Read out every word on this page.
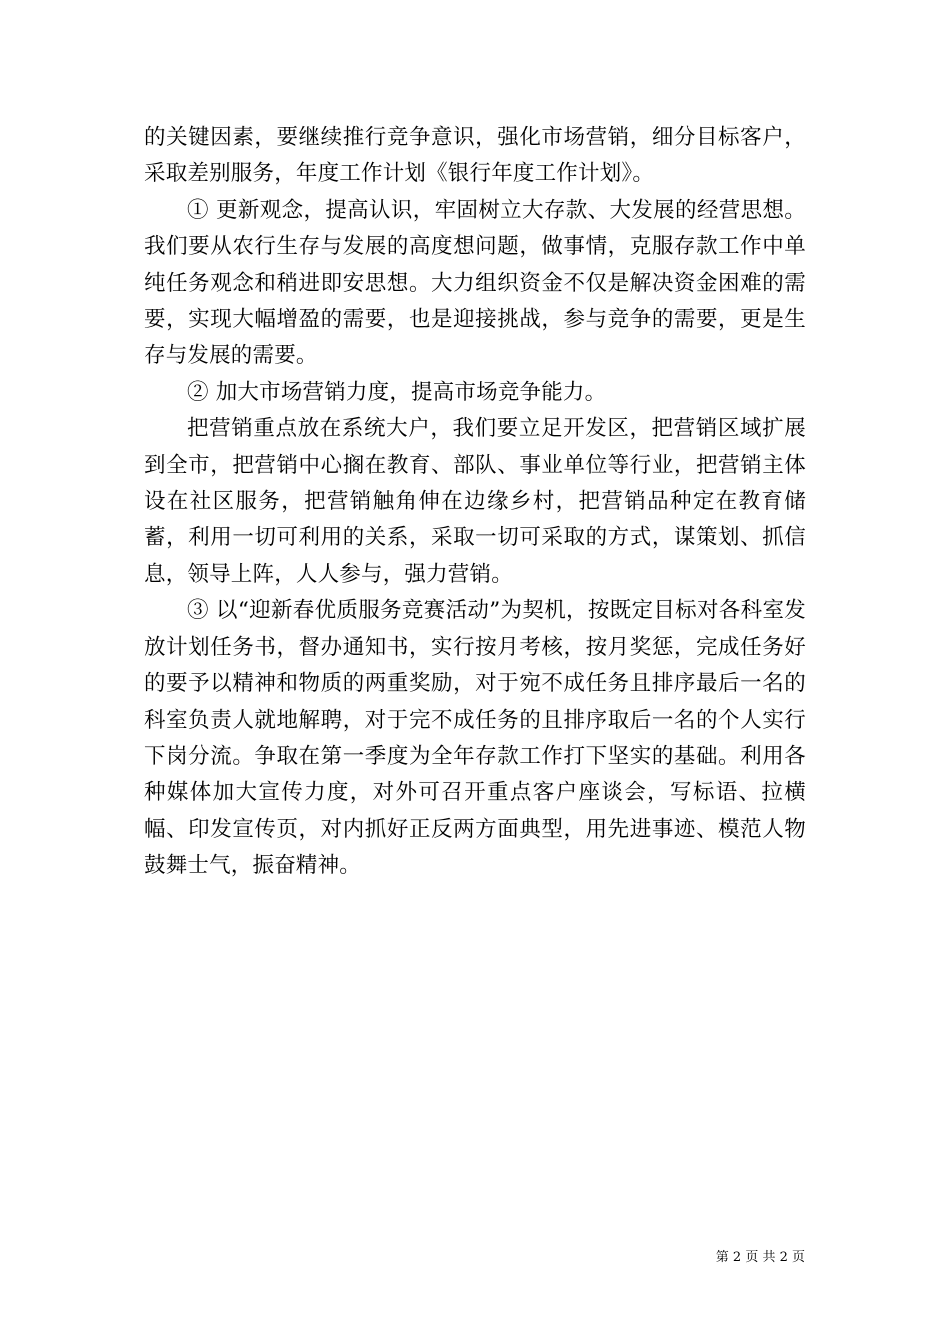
的关键因素，要继续推行竞争意识，强化市场营销，细分目标客户，采取差别服务，年度工作计划《银行年度工作计划》。

① 更新观念，提高认识，牢固树立大存款、大发展的经营思想。我们要从农行生存与发展的高度想问题，做事情，克服存款工作中单纯任务观念和稍进即安思想。大力组织资金不仅是解决资金困难的需要，实现大幅增盈的需要，也是迎接挑战，参与竞争的需要，更是生存与发展的需要。

② 加大市场营销力度，提高市场竞争能力。

把营销重点放在系统大户，我们要立足开发区，把营销区域扩展到全市，把营销中心搁在教育、部队、事业单位等行业，把营销主体设在社区服务，把营销触角伸在边缘乡村，把营销品种定在教育储蓄，利用一切可利用的关系，采取一切可采取的方式，谋策划、抓信息，领导上阵，人人参与，强力营销。

③ 以“迎新春优质服务竞赛活动”为契机，按既定目标对各科室发放计划任务书，督办通知书，实行按月考核，按月奖惩，完成任务好的要予以精神和物质的两重奖励，对于宛不成任务且排序最后一名的科室负责人就地解聘，对于完不成任务的且排序取后一名的个人实行下岗分流。争取在第一季度为全年存款工作打下坚实的基础。利用各种媒体加大宣传力度，对外可召开重点客户座谈会，写标语、拉横幅、印发宣传页，对内抓好正反两方面典型，用先进事迹、模范人物鼓舞士气，振奋精神。

第 2 页 共 2 页
